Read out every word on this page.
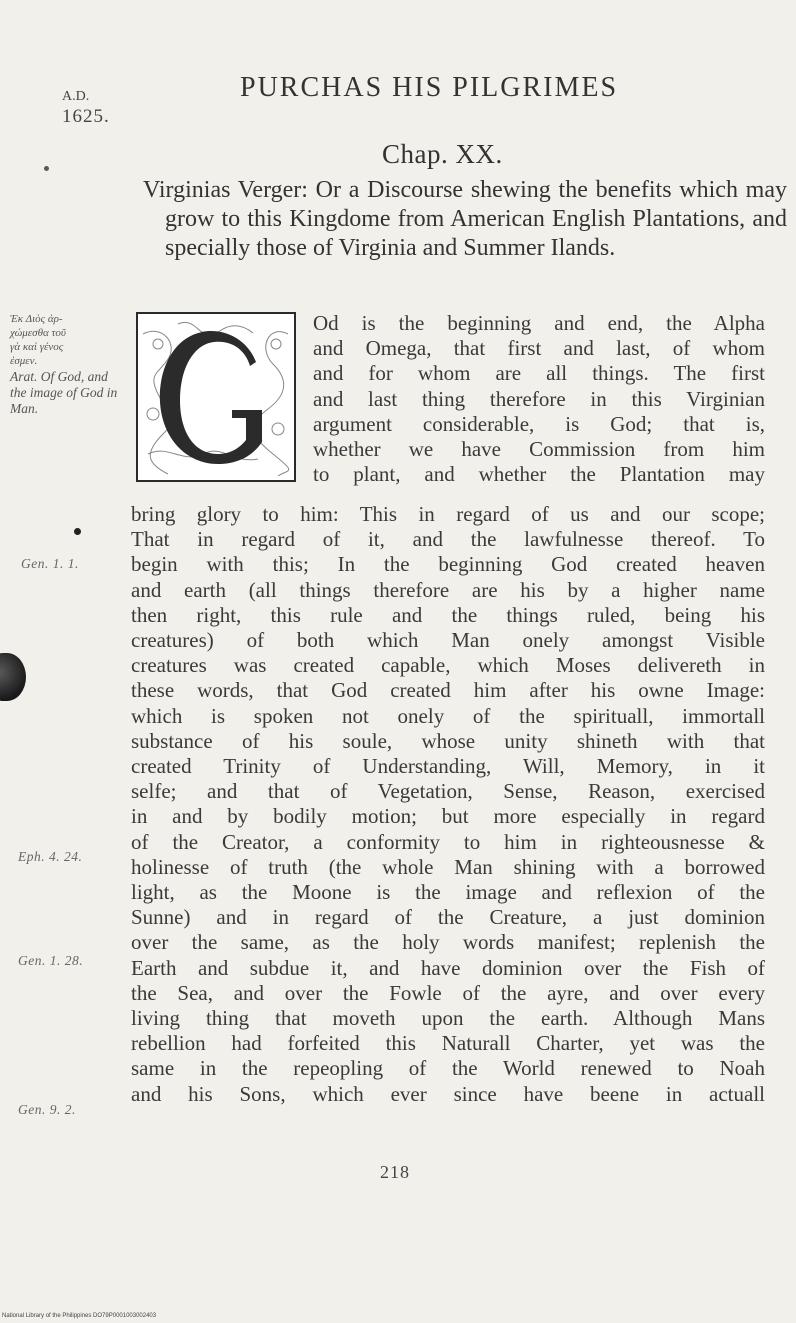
A.D.
1625.
PURCHAS HIS PILGRIMES
Chap. XX.
Virginias Verger: Or a Discourse shewing the benefits which may grow to this Kingdome from American English Plantations, and specially those of Virginia and Summer Ilands.
Ἐκ Διὸς ἀρ-
χώμεσθα τοῦ
γὰ καὶ γένος
ἐσμεν.
Arat. Of God, and the image of God in Man.
Gen. 1. 1.
Eph. 4. 24.
Gen. 1. 28.
Gen. 9. 2.
Od is the beginning and end, the Alpha
and Omega, that first and last, of whom
and for whom are all things. The first
and last thing therefore in this Virginian
argument considerable, is God; that is,
whether we have Commission from him
to plant, and whether the Plantation may
bring glory to him: This in regard of us and our scope;
That in regard of it, and the lawfulnesse thereof. To
begin with this; In the beginning God created heaven
and earth (all things therefore are his by a higher name
then right, this rule and the things ruled, being his
creatures) of both which Man onely amongst Visible
creatures was created capable, which Moses delivereth in
these words, that God created him after his owne Image:
which is spoken not onely of the spirituall, immortall
substance of his soule, whose unity shineth with that
created Trinity of Understanding, Will, Memory, in it
selfe; and that of Vegetation, Sense, Reason, exercised
in and by bodily motion; but more especially in regard
of the Creator, a conformity to him in righteousnesse &
holinesse of truth (the whole Man shining with a borrowed
light, as the Moone is the image and reflexion of the
Sunne) and in regard of the Creature, a just dominion
over the same, as the holy words manifest; replenish the
Earth and subdue it, and have dominion over the Fish of
the Sea, and over the Fowle of the ayre, and over every
living thing that moveth upon the earth. Although Mans
rebellion had forfeited this Naturall Charter, yet was the
same in the repeopling of the World renewed to Noah
and his Sons, which ever since have beene in actuall
218
National Library of the Philippines DO79P0001003002403
